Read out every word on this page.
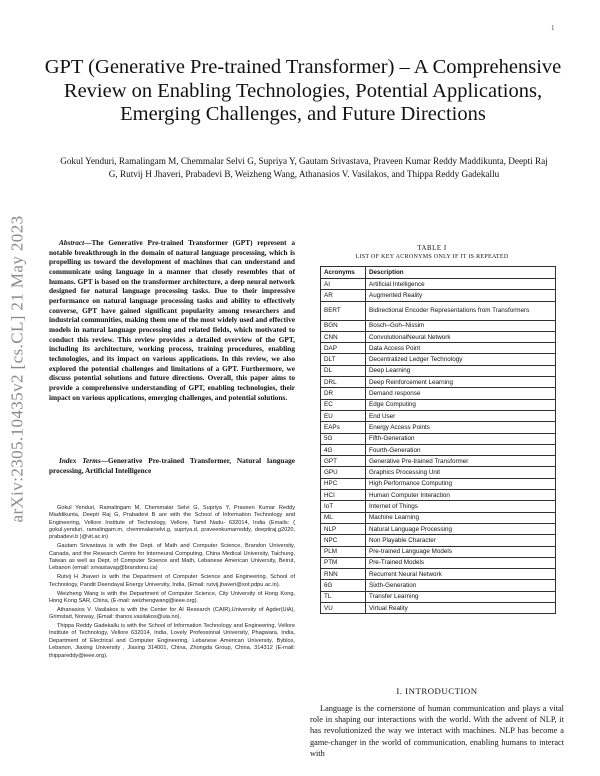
1
arXiv:2305.10435v2 [cs.CL] 21 May 2023
GPT (Generative Pre-trained Transformer) – A Comprehensive Review on Enabling Technologies, Potential Applications, Emerging Challenges, and Future Directions
Gokul Yenduri, Ramalingam M, Chemmalar Selvi G, Supriya Y, Gautam Srivastava, Praveen Kumar Reddy Maddikunta, Deepti Raj G, Rutvij H Jhaveri, Prabadevi B, Weizheng Wang, Athanasios V. Vasilakos, and Thippa Reddy Gadekallu
Abstract—The Generative Pre-trained Transformer (GPT) represent a notable breakthrough in the domain of natural language processing, which is propelling us toward the development of machines that can understand and communicate using language in a manner that closely resembles that of humans. GPT is based on the transformer architecture, a deep neural network designed for natural language processing tasks. Due to their impressive performance on natural language processing tasks and ability to effectively converse, GPT have gained significant popularity among researchers and industrial communities, making them one of the most widely used and effective models in natural language processing and related fields, which motivated to conduct this review. This review provides a detailed overview of the GPT, including its architecture, working process, training procedures, enabling technologies, and its impact on various applications. In this review, we also explored the potential challenges and limitations of a GPT. Furthermore, we discuss potential solutions and future directions. Overall, this paper aims to provide a comprehensive understanding of GPT, enabling technologies, their impact on various applications, emerging challenges, and potential solutions.
Index Terms—Generative Pre-trained Transformer, Natural language processing, Artificial Intelligence

Gokul Yenduri, Ramalingam M, Chemmalar Selvi G, Supriya Y, Praveen Kumar Reddy Maddikunta, Deepti Raj G, Prabadevi B are with the School of Information Technology and Engineering, Vellore Institute of Technology, Vellore, Tamil Nadu- 632014, India (Emails: { gokul.yenduri, ramalingam.m, chemmalarselvi.g, supriya.d, praveenkumarreddy, deeptiraj.g2020, prabadevi.b }@vit.ac.in)

Gautam Srivastava is with the Dept. of Math and Computer Science, Brandon University, Canada, and the Research Centre for Interneural Computing, China Medical University, Taichung, Taiwan as well as Dept. of Computer Science and Math, Lebanese American University, Beirut, Lebanon (email: srivastavag@brandonu.ca)

Rutvij H Jhaveri is with the Department of Computer Science and Engineering, School of Technology, Pandit Deendayal Energy University, India, (Email: rutvij.jhaveri@sot.pdpu.ac.in).

Weizheng Wang is with the Department of Computer Science, City University of Hong Kong, Hong Kong SAR, China, (E-mail: weizhengwang@ieee.org).

Athanasios V. Vasilakos is with the Center for AI Research (CAIR),University of Agder(UiA), Grimstad, Norway, (Email: thanos.vasilakos@uia.no).

Thippa Reddy Gadekallu is with the School of Information Technology and Engineering, Vellore Institute of Technology, Vellore 632014, India, Lovely Professional University, Phagwara, India, Department of Electrical and Computer Engineering, Lebanese American University, Byblos, Lebanon, Jiaxing University , Jiaxing 314001, China, Zhongda Group, China, 314312 (E-mail: thippareddy@ieee.org).

TABLE I
LIST OF KEY ACRONYMS ONLY IF IT IS REPEATED
Acronyms	Description
AI	Artificial Intelligence
AR	Augmented Reality
BERT	Bidirectional Encoder Representations from Transformers
BGN	Bosch–Goh–Nissim
CNN	ConvolutionalNeural Network
DAP	Data Access Point
DLT	Decentralized Ledger Technology
DL	Deep Learning
DRL	Deep Reinforcement Learning
DR	Demand response
EC	Edge Computing
EU	End User
EAPs	Energy Access Points
5G	Fifth-Generation
4G	Fourth-Generation
GPT	Generative Pre-trained Transformer
GPU	Graphics Processing Unit
HPC	High Performance Computing
HCI	Human Computer Interaction
IoT	Internet of Things
ML	Machine Learning
NLP	Natural Language Processing
NPC	Non Playable Character
PLM	Pre-trained Language Models
PTM	Pre-Trained Models
RNN	Recurrent Neural Network
6G	Sixth-Generation
TL	Transfer Learning
VU	Virtual Reality
I. INTRODUCTION
Language is the cornerstone of human communication and plays a vital role in shaping our interactions with the world. With the advent of NLP, it has revolutionized the way we interact with machines. NLP has become a game-changer in the world of communication, enabling humans to interact with
